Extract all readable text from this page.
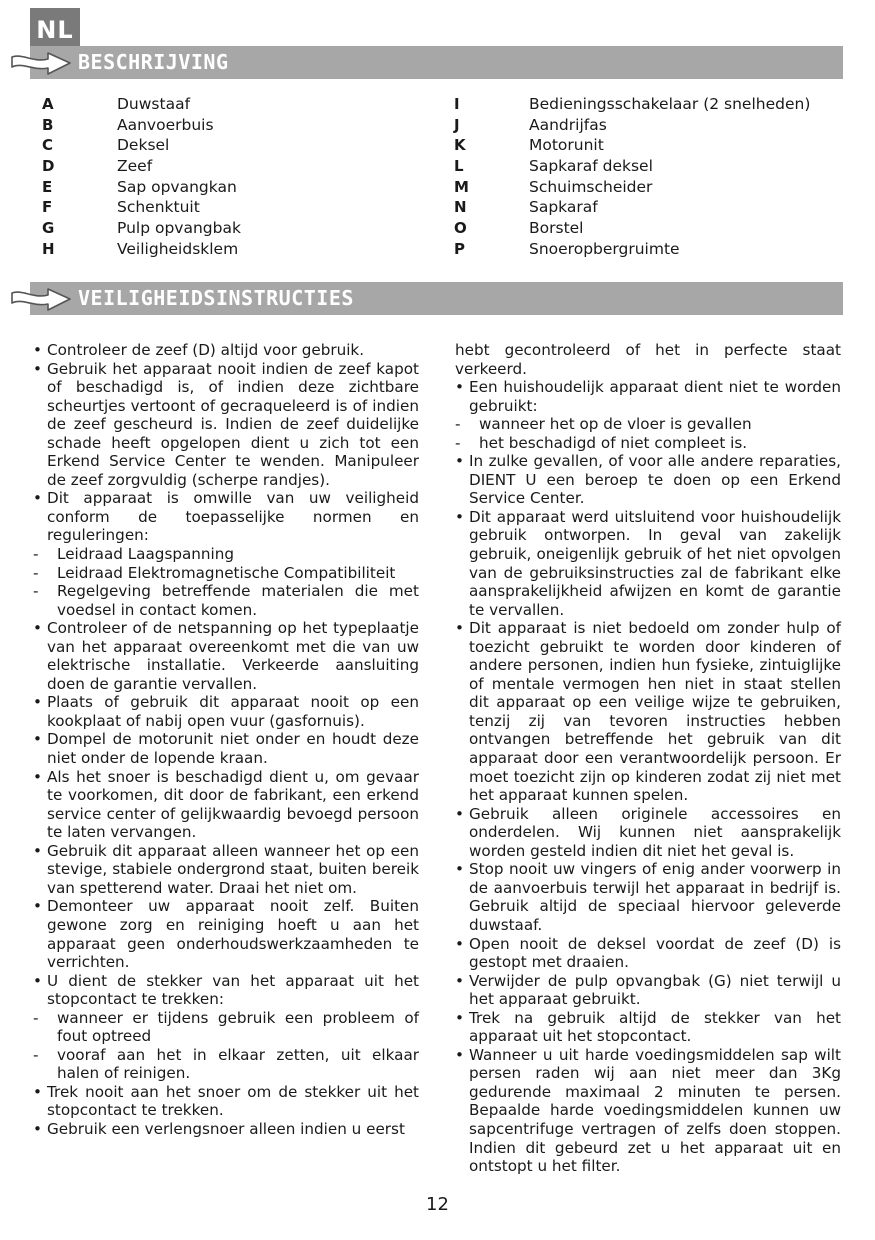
NL
BESCHRIJVING
A	Duwstaaf
B	Aanvoerbuis
C	Deksel
D	Zeef
E	Sap opvangkan
F	Schenktuit
G	Pulp opvangbak
H	Veiligheidsklem
I	Bedieningsschakelaar (2 snelheden)
J	Aandrijfas
K	Motorunit
L	Sapkaraf deksel
M	Schuimscheider
N	Sapkaraf
O	Borstel
P	Snoeropbergruimte
VEILIGHEIDSINSTRUCTIES
• Controleer de zeef (D) altijd voor gebruik.
• Gebruik het apparaat nooit indien de zeef kapot of beschadigd is, of indien deze zichtbare scheurtjes vertoont of gecraqueleerd is of indien de zeef gescheurd is. Indien de zeef duidelijke schade heeft opgelopen dient u zich tot een Erkend Service Center te wenden. Manipuleer de zeef zorgvuldig (scherpe randjes).
• Dit apparaat is omwille van uw veiligheid conform de toepasselijke normen en reguleringen:
-	Leidraad Laagspanning
-	Leidraad Elektromagnetische Compatibiliteit
-	Regelgeving betreffende materialen die met voedsel in contact komen.
• Controleer of de netspanning op het typeplaatje van het apparaat overeenkomt met die van uw elektrische installatie. Verkeerde aansluiting doen de garantie vervallen.
• Plaats of gebruik dit apparaat nooit op een kookplaat of nabij open vuur (gasfornuis).
• Dompel de motorunit niet onder en houdt deze niet onder de lopende kraan.
• Als het snoer is beschadigd dient u, om gevaar te voorkomen, dit door de fabrikant, een erkend service center of gelijkwaardig bevoegd persoon te laten vervangen.
• Gebruik dit apparaat alleen wanneer het op een stevige, stabiele ondergrond staat, buiten bereik van spetterend water. Draai het niet om.
• Demonteer uw apparaat nooit zelf. Buiten gewone zorg en reiniging hoeft u aan het apparaat geen onderhoudswerkzaamheden te verrichten.
• U dient de stekker van het apparaat uit het stopcontact te trekken:
-	wanneer er tijdens gebruik een probleem of fout optreed
-	vooraf aan het in elkaar zetten, uit elkaar halen of reinigen.
• Trek nooit aan het snoer om de stekker uit het stopcontact te trekken.
• Gebruik een verlengsnoer alleen indien u eerst
hebt gecontroleerd of het in perfecte staat verkeerd.
• Een huishoudelijk apparaat dient niet te worden gebruikt:
-	wanneer het op de vloer is gevallen
-	het beschadigd of niet compleet is.
• In zulke gevallen, of voor alle andere reparaties, DIENT U een beroep te doen op een Erkend Service Center.
• Dit apparaat werd uitsluitend voor huishoudelijk gebruik ontworpen. In geval van zakelijk gebruik, oneigenlijk gebruik of het niet opvolgen van de gebruiksinstructies zal de fabrikant elke aansprakelijkheid afwijzen en komt de garantie te vervallen.
• Dit apparaat is niet bedoeld om zonder hulp of toezicht gebruikt te worden door kinderen of andere personen, indien hun fysieke, zintuiglijke of mentale vermogen hen niet in staat stellen dit apparaat op een veilige wijze te gebruiken, tenzij zij van tevoren instructies hebben ontvangen betreffende het gebruik van dit apparaat door een verantwoordelijk persoon. Er moet toezicht zijn op kinderen zodat zij niet met het apparaat kunnen spelen.
• Gebruik alleen originele accessoires en onderdelen. Wij kunnen niet aansprakelijk worden gesteld indien dit niet het geval is.
• Stop nooit uw vingers of enig ander voorwerp in de aanvoerbuis terwijl het apparaat in bedrijf is. Gebruik altijd de speciaal hiervoor geleverde duwstaaf.
• Open nooit de deksel voordat de zeef (D) is gestopt met draaien.
• Verwijder de pulp opvangbak (G) niet terwijl u het apparaat gebruikt.
• Trek na gebruik altijd de stekker van het apparaat uit het stopcontact.
• Wanneer u uit harde voedingsmiddelen sap wilt persen raden wij aan niet meer dan 3Kg gedurende maximaal 2 minuten te persen. Bepaalde harde voedingsmiddelen kunnen uw sapcentrifuge vertragen of zelfs doen stoppen. Indien dit gebeurd zet u het apparaat uit en ontstopt u het filter.
12
